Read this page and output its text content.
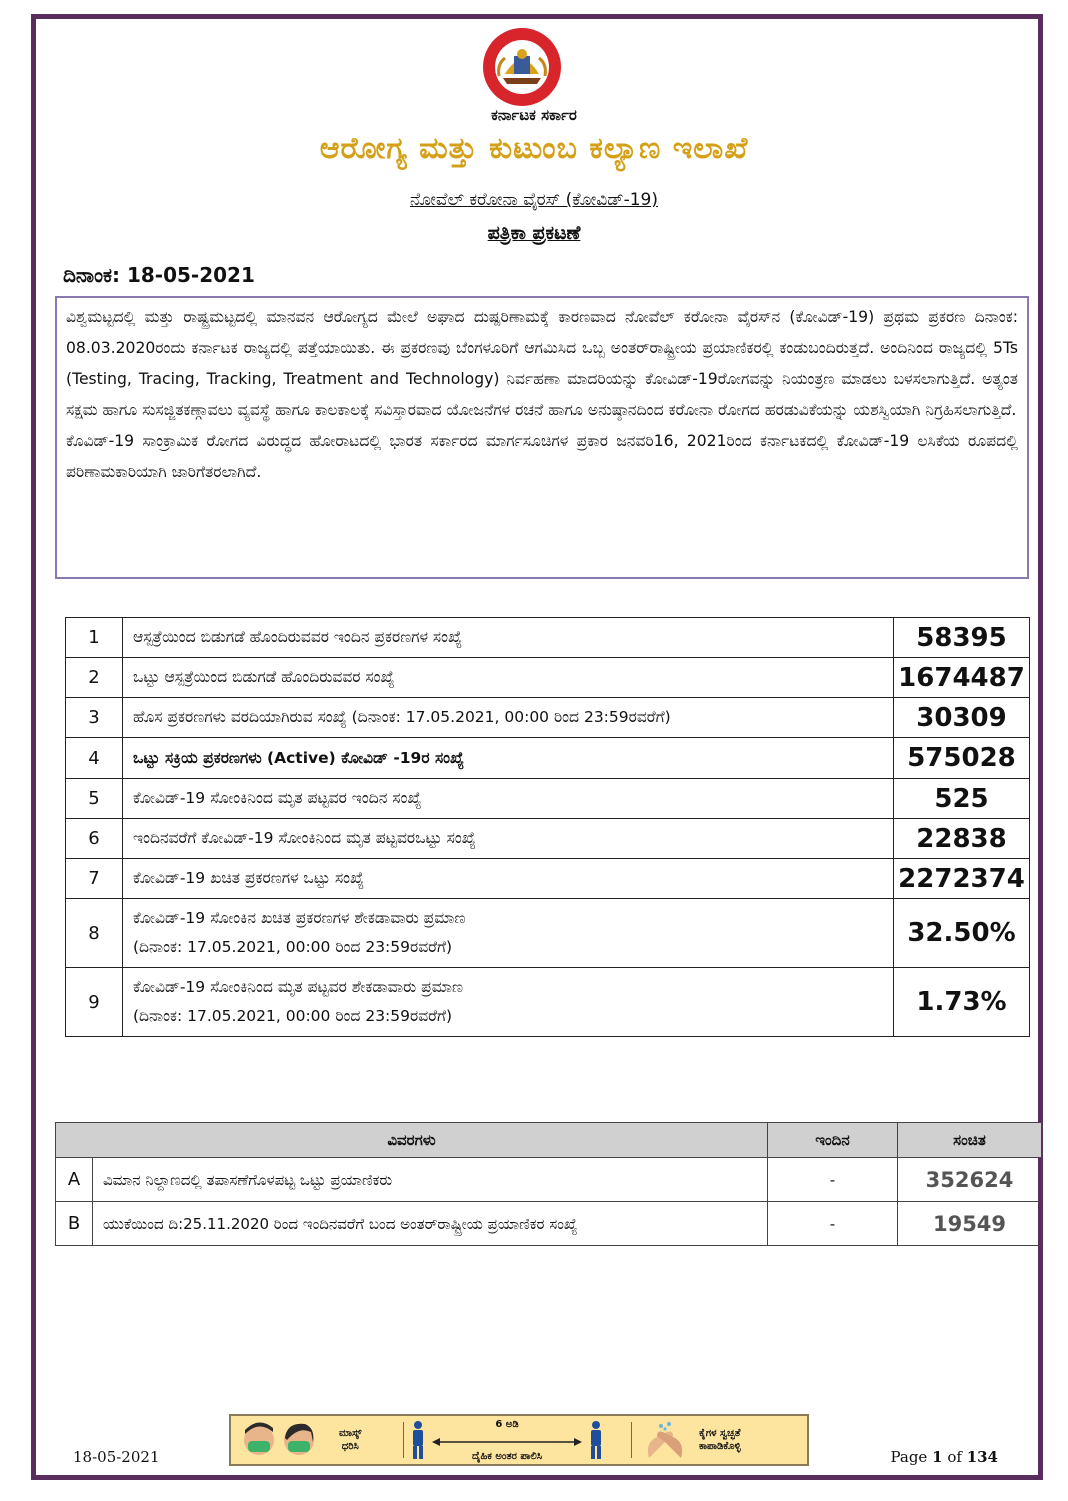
ಕರ್ನಾಟಕ ಸರ್ಕಾರ
ಆರೋಗ್ಯ ಮತ್ತು ಕುಟುಂಬ ಕಲ್ಯಾಣ ಇಲಾಖೆ
ನೋವೆಲ್ ಕರೋನಾ ವೈರಸ್ (ಕೋವಿಡ್-19)
ಪತ್ರಿಕಾ ಪ್ರಕಟಣೆ
ದಿನಾಂಕ: 18-05-2021

ವಿಶ್ವಮಟ್ಟದಲ್ಲಿ ಮತ್ತು ರಾಷ್ಟ್ರಮಟ್ಟದಲ್ಲಿ ಮಾನವನ ಆರೋಗ್ಯದ ಮೇಲೆ ಅಘಾದ ದುಷ್ಪರಿಣಾಮಕ್ಕೆ ಕಾರಣವಾದ ನೋವೆಲ್ ಕರೋನಾ ವೈರಸ್‌ನ (ಕೋವಿಡ್-19) ಪ್ರಥಮ ಪ್ರಕರಣ ದಿನಾಂಕ: 08.03.2020ರಂದು ಕರ್ನಾಟಕ ರಾಜ್ಯದಲ್ಲಿ ಪತ್ತೆಯಾಯಿತು. ಈ ಪ್ರಕರಣವು ಬೆಂಗಳೂರಿಗೆ ಆಗಮಿಸಿದ ಒಬ್ಬ ಅಂತರ್‌ರಾಷ್ಟ್ರೀಯ ಪ್ರಯಾಣಿಕರಲ್ಲಿ ಕಂಡುಬಂದಿರುತ್ತದೆ. ಅಂದಿನಿಂದ ರಾಜ್ಯದಲ್ಲಿ 5Ts (Testing, Tracing, Tracking, Treatment and Technology) ನಿರ್ವಹಣಾ ಮಾದರಿಯನ್ನು ಕೋವಿಡ್-19ರೋಗವನ್ನು ನಿಯಂತ್ರಣ ಮಾಡಲು ಬಳಸಲಾಗುತ್ತಿದೆ. ಅತ್ಯಂತ ಸಕ್ಷಮ ಹಾಗೂ ಸುಸಜ್ಜಿತಕಣ್ಗಾವಲು ವ್ಯವಸ್ಥೆ ಹಾಗೂ ಕಾಲಕಾಲಕ್ಕೆ ಸವಿಸ್ತಾರವಾದ ಯೋಜನೆಗಳ ರಚನೆ ಹಾಗೂ ಅನುಷ್ಠಾನದಿಂದ ಕರೋನಾ ರೋಗದ ಹರಡುವಿಕೆಯನ್ನು ಯಶಸ್ವಿಯಾಗಿ ನಿಗ್ರಹಿಸಲಾಗುತ್ತಿದೆ.

ಕೊವಿಡ್-19 ಸಾಂಕ್ರಾಮಿಕ ರೋಗದ ವಿರುದ್ಧದ ಹೋರಾಟದಲ್ಲಿ ಭಾರತ ಸರ್ಕಾರದ ಮಾರ್ಗಸೂಚಿಗಳ ಪ್ರಕಾರ ಜನವರಿ16, 2021ರಿಂದ ಕರ್ನಾಟಕದಲ್ಲಿ ಕೋವಿಡ್-19 ಲಸಿಕೆಯ ರೂಪದಲ್ಲಿ ಪರಿಣಾಮಕಾರಿಯಾಗಿ ಜಾರಿಗೆತರಲಾಗಿದೆ.

1	ಆಸ್ಪತ್ರೆಯಿಂದ ಬಿಡುಗಡೆ ಹೊಂದಿರುವವರ ಇಂದಿನ ಪ್ರಕರಣಗಳ ಸಂಖ್ಯೆ	58395
2	ಒಟ್ಟು ಆಸ್ಪತ್ರೆಯಿಂದ ಬಿಡುಗಡೆ ಹೊಂದಿರುವವರ ಸಂಖ್ಯೆ	1674487
3	ಹೊಸ ಪ್ರಕರಣಗಳು ವರದಿಯಾಗಿರುವ ಸಂಖ್ಯೆ (ದಿನಾಂಕ: 17.05.2021, 00:00 ರಿಂದ 23:59ರವರೆಗೆ)	30309
4	ಒಟ್ಟು ಸಕ್ರಿಯ ಪ್ರಕರಣಗಳು (Active) ಕೋವಿಡ್ -19ರ ಸಂಖ್ಯೆ	575028
5	ಕೋವಿಡ್-19 ಸೋಂಕಿನಿಂದ ಮೃತ ಪಟ್ಟವರ ಇಂದಿನ ಸಂಖ್ಯೆ	525
6	ಇಂದಿನವರೆಗೆ ಕೋವಿಡ್-19 ಸೋಂಕಿನಿಂದ ಮೃತ ಪಟ್ಟವರಒಟ್ಟು ಸಂಖ್ಯೆ	22838
7	ಕೋವಿಡ್-19 ಖಚಿತ ಪ್ರಕರಣಗಳ ಒಟ್ಟು ಸಂಖ್ಯೆ	2272374
8	ಕೋವಿಡ್-19 ಸೋಂಕಿನ ಖಚಿತ ಪ್ರಕರಣಗಳ ಶೇಕಡಾವಾರು ಪ್ರಮಾಣ
(ದಿನಾಂಕ: 17.05.2021, 00:00 ರಿಂದ 23:59ರವರೆಗೆ)	32.50%
9	ಕೋವಿಡ್-19 ಸೋಂಕಿನಿಂದ ಮೃತ ಪಟ್ಟವರ ಶೇಕಡಾವಾರು ಪ್ರಮಾಣ
(ದಿನಾಂಕ: 17.05.2021, 00:00 ರಿಂದ 23:59ರವರೆಗೆ)	1.73%
ವಿವರಗಳು		ಇಂದಿನ	ಸಂಚಿತ
A	ವಿಮಾನ ನಿಲ್ದಾಣದಲ್ಲಿ ತಪಾಸಣೆಗೊಳಪಟ್ಟ ಒಟ್ಟು ಪ್ರಯಾಣಿಕರು	-	352624
B	ಯುಕೆಯಿಂದ ದಿ:25.11.2020 ರಿಂದ ಇಂದಿನವರೆಗೆ ಬಂದ ಅಂತರ್‌ರಾಷ್ಟ್ರೀಯ ಪ್ರಯಾಣಿಕರ ಸಂಖ್ಯೆ	-	19549
ಮಾಸ್ಕ್
ಧರಿಸಿ
6 ಅಡಿ
ದೈಹಿಕ ಅಂತರ ಪಾಲಿಸಿ
ಕೈಗಳ ಸ್ವಚ್ಛತೆ
ಕಾಪಾಡಿಕೊಳ್ಳಿ
18-05-2021	Page 1 of 134
